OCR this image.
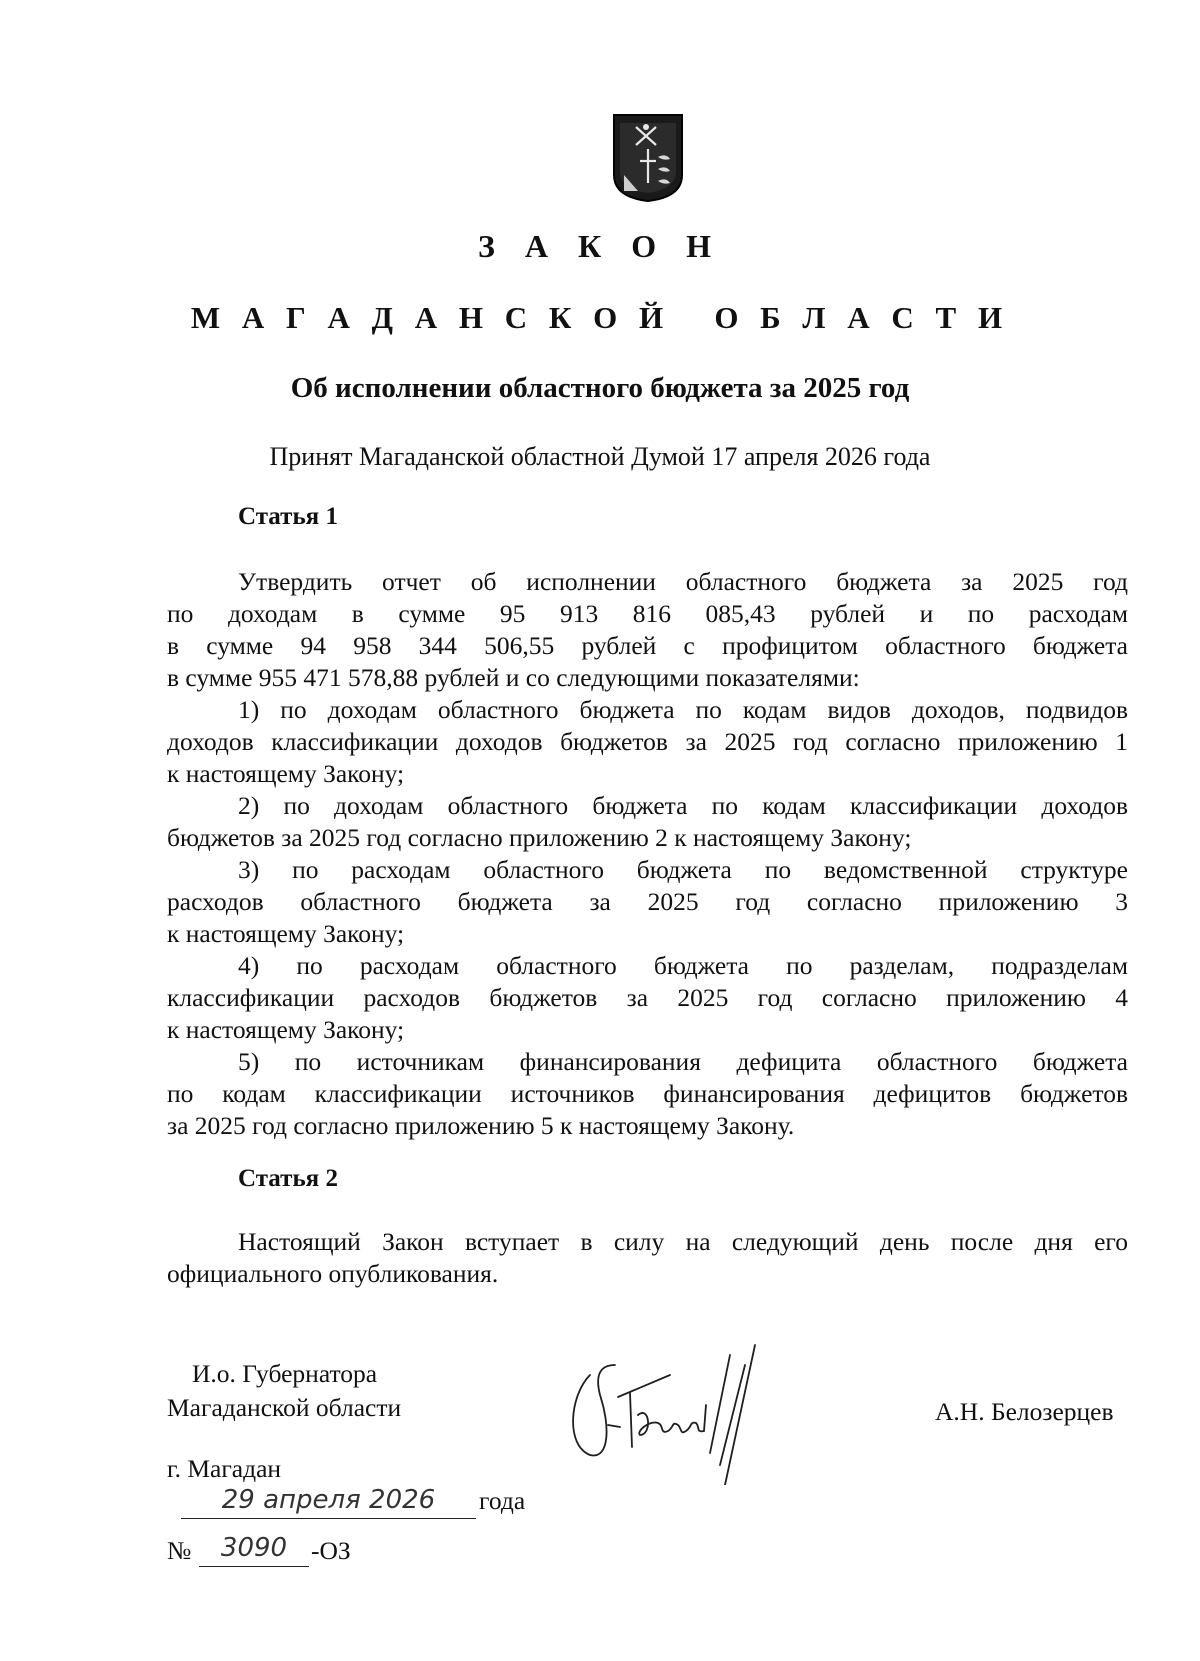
З А К О Н
М А Г А Д А Н С К О Й   О Б Л А С Т И
Об исполнении областного бюджета за 2025 год
Принят Магаданской областной Думой 17 апреля 2026 года
Статья 1
Утвердить отчет об исполнении областного бюджета за 2025 год
по доходам в сумме 95 913 816 085,43 рублей и по расходам
в сумме 94 958 344 506,55 рублей с профицитом областного бюджета
в сумме 955 471 578,88 рублей и со следующими показателями:
1) по доходам областного бюджета по кодам видов доходов, подвидов
доходов классификации доходов бюджетов за 2025 год согласно приложению 1
к настоящему Закону;
2) по доходам областного бюджета по кодам классификации доходов
бюджетов за 2025 год согласно приложению 2 к настоящему Закону;
3) по расходам областного бюджета по ведомственной структуре
расходов областного бюджета за 2025 год согласно приложению 3
к настоящему Закону;
4) по расходам областного бюджета по разделам, подразделам
классификации расходов бюджетов за 2025 год согласно приложению 4
к настоящему Закону;
5) по источникам финансирования дефицита областного бюджета
по кодам классификации источников финансирования дефицитов бюджетов
за 2025 год согласно приложению 5 к настоящему Закону.
Статья 2
Настоящий Закон вступает в силу на следующий день после дня его
официального опубликования.
И.о. Губернатора
Магаданской области	А.Н. Белозерцев
г. Магадан
29 апреля 2026	года
№	3090 -ОЗ
